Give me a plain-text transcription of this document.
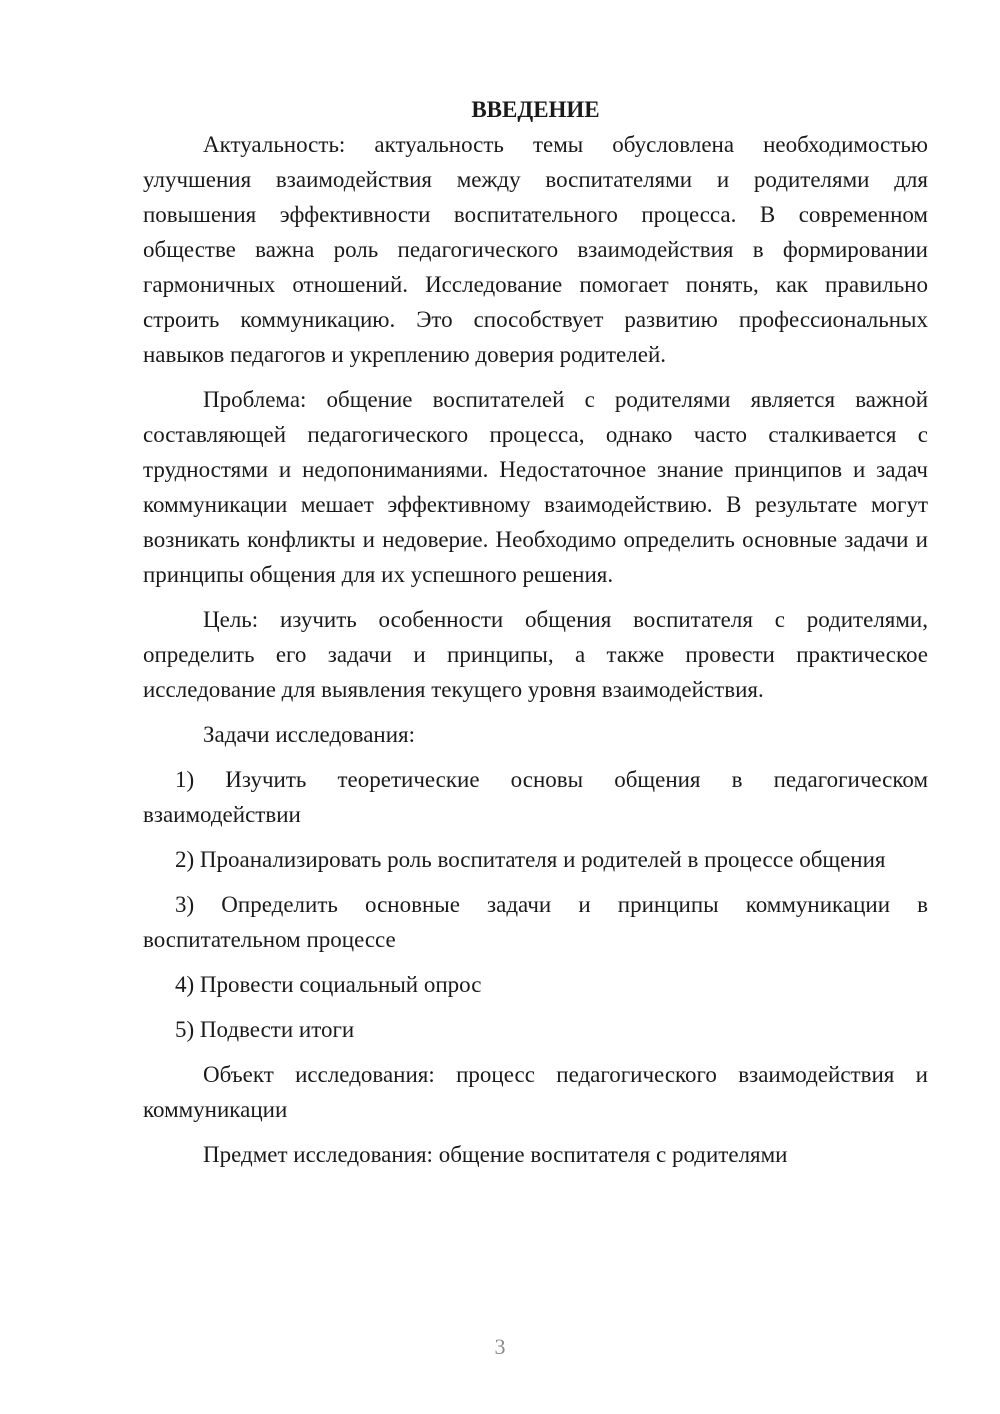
ВВЕДЕНИЕ

Актуальность: актуальность темы обусловлена необходимостью улучшения взаимодействия между воспитателями и родителями для повышения эффективности воспитательного процесса. В современном обществе важна роль педагогического взаимодействия в формировании гармоничных отношений. Исследование помогает понять, как правильно строить коммуникацию. Это способствует развитию профессиональных навыков педагогов и укреплению доверия родителей.

Проблема: общение воспитателей с родителями является важной составляющей педагогического процесса, однако часто сталкивается с трудностями и недопониманиями. Недостаточное знание принципов и задач коммуникации мешает эффективному взаимодействию. В результате могут возникать конфликты и недоверие. Необходимо определить основные задачи и принципы общения для их успешного решения.

Цель: изучить особенности общения воспитателя с родителями, определить его задачи и принципы, а также провести практическое исследование для выявления текущего уровня взаимодействия.

Задачи исследования:

1) Изучить теоретические основы общения в педагогическом взаимодействии

2) Проанализировать роль воспитателя и родителей в процессе общения

3) Определить основные задачи и принципы коммуникации в воспитательном процессе

4) Провести социальный опрос

5) Подвести итоги

Объект исследования: процесс педагогического взаимодействия и коммуникации

Предмет исследования: общение воспитателя с родителями

3
